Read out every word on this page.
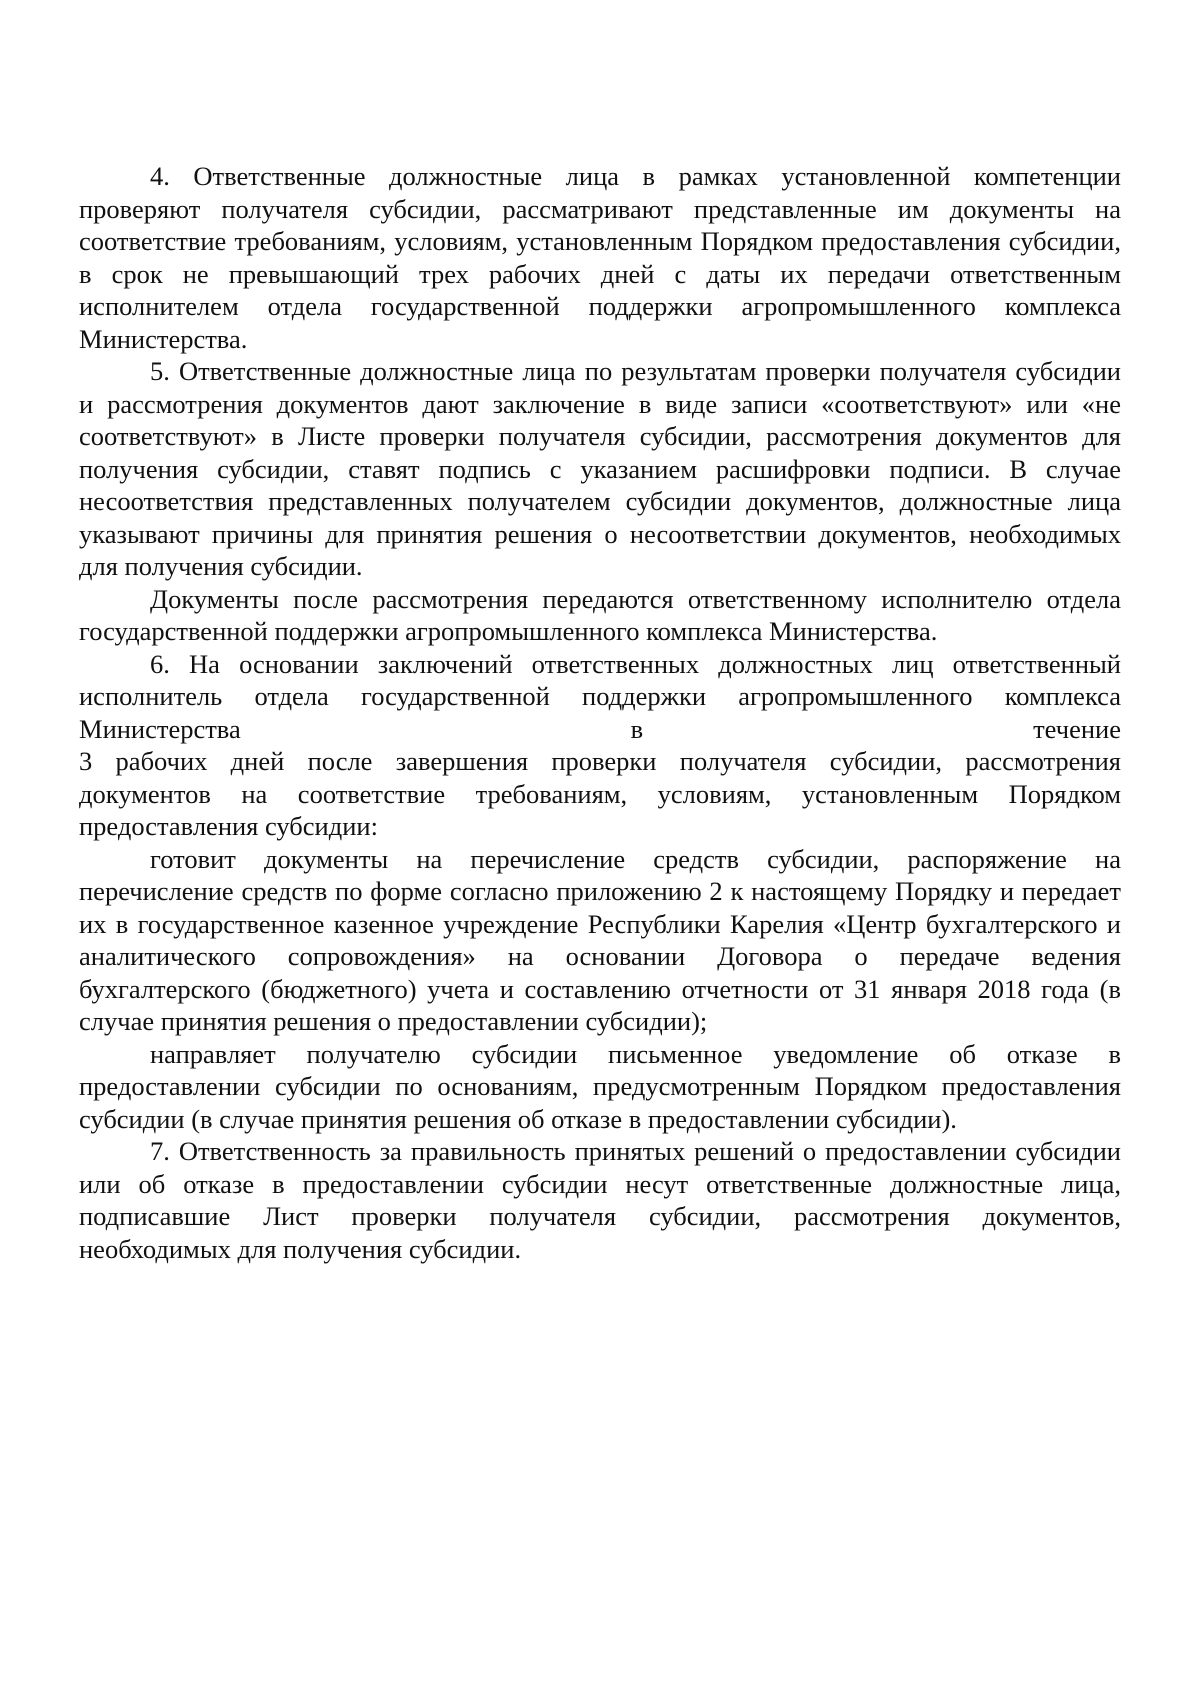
4. Ответственные должностные лица в рамках установленной компетенции проверяют получателя субсидии, рассматривают представленные им документы на соответствие требованиям, условиям, установленным Порядком предоставления субсидии, в срок не превышающий трех рабочих дней с даты их передачи ответственным исполнителем отдела государственной поддержки агропромышленного комплекса Министерства.

5. Ответственные должностные лица по результатам проверки получателя субсидии и рассмотрения документов дают заключение в виде записи «соответствуют» или «не соответствуют» в Листе проверки получателя субсидии, рассмотрения документов для получения субсидии, ставят подпись с указанием расшифровки подписи. В случае несоответствия представленных получателем субсидии документов, должностные лица указывают причины для принятия решения о несоответствии документов, необходимых для получения субсидии.

Документы после рассмотрения передаются ответственному исполнителю отдела государственной поддержки агропромышленного комплекса Министерства.

6. На основании заключений ответственных должностных лиц ответственный исполнитель отдела государственной поддержки агропромышленного комплекса

Министерства	в	течение

3 рабочих дней после завершения проверки получателя субсидии, рассмотрения документов на соответствие требованиям, условиям, установленным Порядком предоставления субсидии:

готовит документы на перечисление средств субсидии, распоряжение на перечисление средств по форме согласно приложению 2 к настоящему Порядку и передает их в государственное казенное учреждение Республики Карелия «Центр бухгалтерского и аналитического сопровождения» на основании Договора о передаче ведения бухгалтерского (бюджетного) учета и составлению отчетности от 31 января 2018 года (в случае принятия решения о предоставлении субсидии);

направляет получателю субсидии письменное уведомление об отказе в предоставлении субсидии по основаниям, предусмотренным Порядком предоставления субсидии (в случае принятия решения об отказе в предоставлении субсидии).

7. Ответственность за правильность принятых решений о предоставлении субсидии или об отказе в предоставлении субсидии несут ответственные должностные лица, подписавшие Лист проверки получателя субсидии, рассмотрения документов, необходимых для получения субсидии.
